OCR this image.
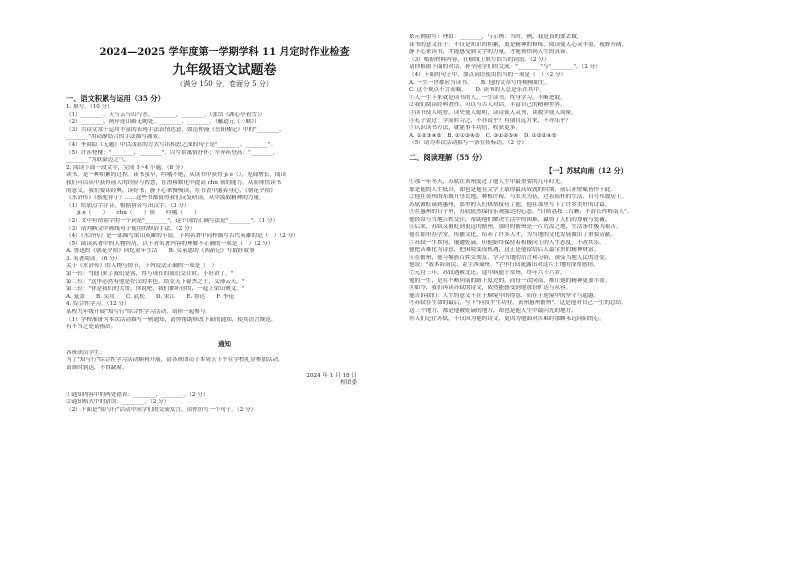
2024—2025 学年度第一学期学科 11 月定时作业检查
九年级语文试题卷
（满分 150 分，卷面分 5 分）
一、语文积累与运用（35 分）
1. 填写。（10 分）
（1）________，天与云与山与水。________，________。（张岱《湖心亭看雪》）
（2）________，两岸连山略无阙处。________，________。（郦道元《三峡》）
（3）古诗文常于运用丰富的表现手法表情达意，如范仲淹《岳阳楼记》中的"________，
________"用动静结合的手法描写湖景。
（4）李商隐《无题》中以浅显的方式写出相思之深的句子是"________，________"。
（5）许浑登楼："________，________"，以写景寓情抒怀；辛弃疾登高："________，
________"为联豪迈之气。
2. 阅读下面一段文字，完成 1~4 小题。（8 分）
读书，是一种积累的过程。读书虽早，吟哦不绝，从读书中获得 jì è（），见闻增长，阅读
我们可以从中获得前人的经验与智慧，在潜移默化中提高 chù 领的能力，从而体悟读书
的意义。我们要读经典、读好书，静下心来慢慢读，在书香中滋养身心，《朝花夕拾》
《水浒传》《骆驼祥子》……这些书都值得我们反复研读，从中汲取精神的力量。
（1）给加点字注音，根据拼音写出汉字。（3 分）
　　jì è（　　）　　chù（　　）领　　吟哦（　　）
（2）文中有错别字的一个词是"________"，这个词的正确写法是"________"。（1 分）
（3）请判断文中画线句子使用的修辞手法。（2 分）
（4）《水浒传》是一部描写梁山英雄的小说，下列名著中同样描写古代英雄的是（　）（2 分）
（5）阅读名著中的人物经历，以下对名著内容的理解不正确的一项是（　）（2 分）
A. 鲁迅的《朝花夕拾》回忆童年生活　　B. 吴承恩的《西游记》写取经故事
3. 名著阅读。（6 分）
关于《水浒传》的人物与情节，下列说法正确的一项是（　）
第一位："我们来了我们是客，得与现在的我们交往时，不好讲了。"
第二位："这里必然有他是好汉的本色，结交天下豪杰之士，义薄云天。"
第三位："你是我们的大哥，你说吧，我们都听你的，一起上梁山聚义。"
A. 晁盖　　B. 吴用　　C. 武松　　D. 宋江　　E. 鲁达　　F. 李逵
4. 综合性学习。（12 分）
某校九年级开展"知与行"综合性学习活动，请你一起参与。
（1）学校准备为本次活动撰写一则通知，请你帮助修改下面的通知，使其语言规范。
有不当之处请指出。
通知
各班团员学生：
为了"知与行"综合性学习活动顺利开展，请各班团员于本周五下午在学校礼堂参加活动。
请准时到达，不得缺席。
2024 年 1 月 18 日
校团委
①通知内容中的两处错误：________，________。（2 分）
②通知格式中的错误：________。（2 分）
（2）下面是"知与行"活动中同学们的交流发言，请你仿写一个句子。（2 分）
依示例填写：理由：________，与示例：当时，例，我是真的要去做。
读书的意义在于：不仅是知识的积累，更是精神的修炼，阅读使人心灵丰盈、视野开阔。
静下心来读书，才能感受到文字的力量，才能领悟到人生的真谛。
（3）根据材料内容，在横线上填写恰当的词语。（2 分）
请你根据下面的对话，补全同学们的交流："________"与"________"。（2 分）
（4）下面的句子中，加点词语使用恰当的一项是（　）（2 分）
A. 一生一世都应当读书。　　B. 他的文章写得栩栩如生。
C. 这个观点不言而喻。　　D. 读书的人总是乐在其中。
①人一生下来就是读书的人，一生读书，终身学习，不断进取。
②我们阅读经典著作，可以与古人对话，丰富自己的精神世界。
③读书使人明智，读史使人聪明，读诗使人灵秀，读数学使人周密。
④孔子说过：学而时习之，不亦说乎？有朋自远方来，不亦乐乎？
⑤认识读书方法，就能事半功倍，收获更多。
A. ①②③④⑤　B. ②①③④⑤　C. ③①②⑤④　D. ①③②④⑤
（5）请为本次活动拟写一条宣传标语。（2 分）
二、阅读理解（55 分）
【一】苏轼向南（12 分）
①那一年冬天，苏轼在黄州度过了他人生中最重要的几年时光。
那是他的人生低谷，却也是他在文学上取得最高成就的时期，前后赤壁赋皆作于此。
②他在黄州的东坡开垦荒地，种植庄稼，与农夫为伍，过着简朴的生活，自号东坡居士。
苏轼被贬谪到惠州，那里的人们热情接待了他，他在那里写下了许多美好的诗篇。
③在惠州的日子里，苏轼依然保持乐观豁达的心态，"日啖荔枝三百颗，不辞长作岭南人"。
他经常与当地百姓交往，帮助他们解决生活中的困难，赢得了人们的尊敬与爱戴。
④后来，苏轼又被贬到更远的儋州，那时的儋州是一片荒凉之地，生活条件极为艰苦。
他在那里办学堂，传播文化，培养了许多人才，为当地的文化发展做出了重要贡献。
⑤苏轼一生坎坷，屡遭贬谪，但他始终保持着积极向上的人生态度，不改其乐。
他把苦难化为诗意，把困境变成机遇，这正是他留给后人最宝贵的精神财富。
⑥在儋州，他与黎族百姓交朋友，学习当地的语言和习俗，深受当地人民的喜爱。
他说："我本海南民，寄生西蜀州。"字里行间流露出对这片土地的深厚感情。
⑦元符三年，苏轼遇赦北还，途中病逝于常州，终年六十六岁。
他的一生，是在不断向南的路上度过的，而每一次向南，都让他的精神更加丰盈。
⑧如今，我们再读苏轼的诗文，依然能感受到他那份旷达与从容。
他告诉我们：人生的意义不在于顺境中的得意，而在于逆境中的坚守与超越。
⑨苏轼在生命的最后，写下"问汝平生功业，黄州惠州儋州"，这是他对自己一生的总结。
这三个地方，都是他被贬谪的地方，却也是他人生中最闪光的地方。
⑩人们记住苏轼，不仅因为他的诗文，更因为他面对苦难时那颗永远向阳的心。
